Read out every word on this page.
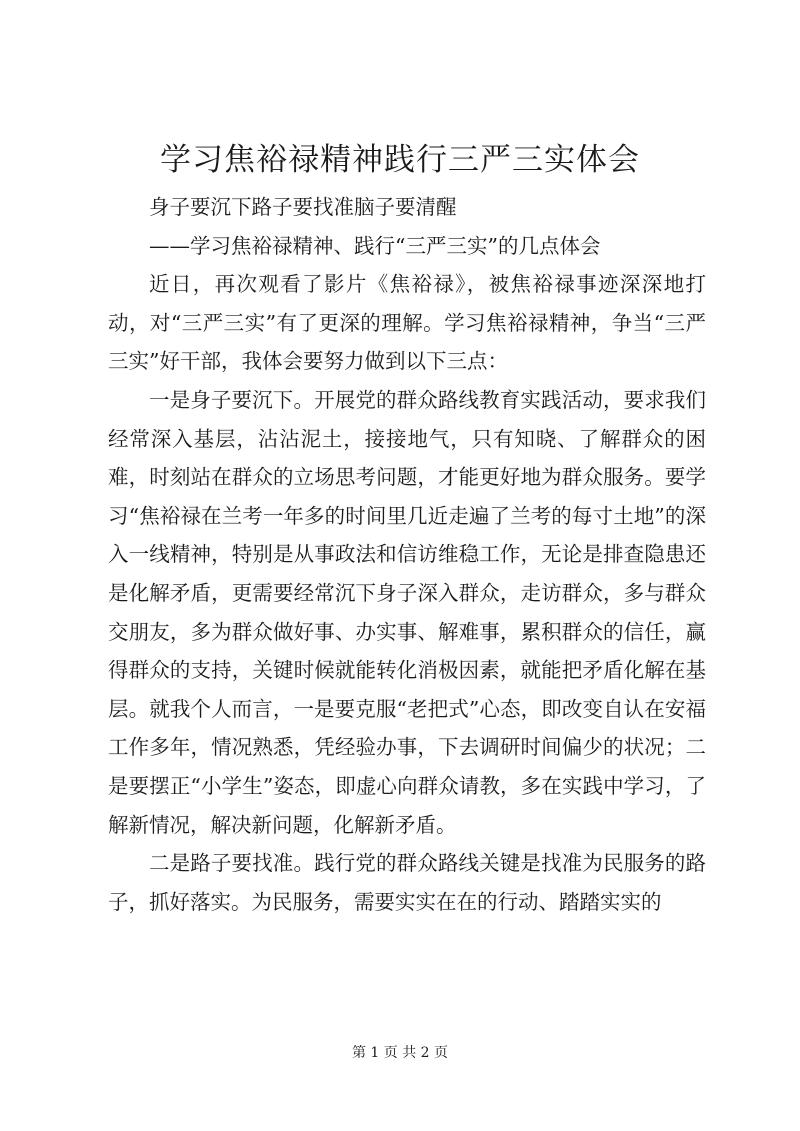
学习焦裕禄精神践行三严三实体会

身子要沉下路子要找准脑子要清醒

——学习焦裕禄精神、践行“三严三实”的几点体会

近日，再次观看了影片《焦裕禄》，被焦裕禄事迹深深地打动，对“三严三实”有了更深的理解。学习焦裕禄精神，争当“三严三实”好干部，我体会要努力做到以下三点：

一是身子要沉下。开展党的群众路线教育实践活动，要求我们经常深入基层，沾沾泥土，接接地气，只有知晓、了解群众的困难，时刻站在群众的立场思考问题，才能更好地为群众服务。要学习“焦裕禄在兰考一年多的时间里几近走遍了兰考的每寸土地”的深入一线精神，特别是从事政法和信访维稳工作，无论是排查隐患还是化解矛盾，更需要经常沉下身子深入群众，走访群众，多与群众交朋友，多为群众做好事、办实事、解难事，累积群众的信任，赢得群众的支持，关键时候就能转化消极因素，就能把矛盾化解在基层。就我个人而言，一是要克服“老把式”心态，即改变自认在安福工作多年，情况熟悉，凭经验办事，下去调研时间偏少的状况；二是要摆正“小学生”姿态，即虚心向群众请教，多在实践中学习，了解新情况，解决新问题，化解新矛盾。

二是路子要找准。践行党的群众路线关键是找准为民服务的路子，抓好落实。为民服务，需要实实在在的行动、踏踏实实的

第 1 页 共 2 页
